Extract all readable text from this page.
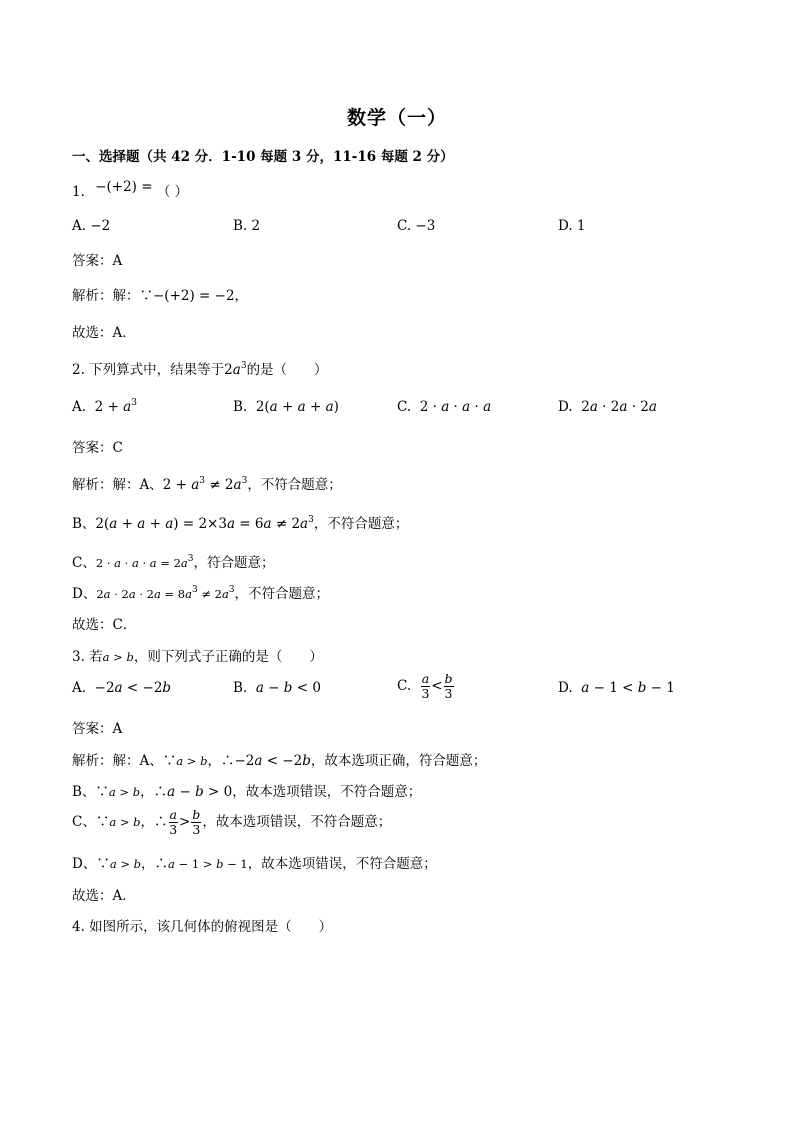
数学（一）
一、选择题（共 42 分．1-10 每题 3 分，11-16 每题 2 分）
1. −(+2) = （ ）
A. −2	B. 2	C. −3	D. 1
答案：A
解析：解：∵−(+2) = −2，
故选：A．
2. 下列算式中，结果等于$2a^3$的是（　　）
A. $2 + a^3$	B. 2(a + a + a)	C. 2 · a · a · a	D. 2a · 2a · 2a
答案：C
解析：解：A、$2 + a^3 \ne 2a^3$，不符合题意；
B、$2(a + a + a) = 2\times 3a = 6a \ne 2a^3$，不符合题意；
C、$2 \cdot a \cdot a \cdot a = 2a^3$，符合题意；
D、$2a \cdot 2a \cdot 2a = 8a^3 \ne 2a^3$，不符合题意；
故选：C．
3. 若a > b，则下列式子正确的是（　　）
A. −2a < −2b	B. a − b < 0	C. $\frac{a}{3} < \frac{b}{3}$	D. a − 1 < b − 1
答案：A
解析：解：A、∵a > b，∴−2a < −2b，故本选项正确，符合题意；
B、∵a > b，∴a − b > 0，故本选项错误，不符合题意；
C、∵a > b，∴ $\frac{a}{3} > \frac{b}{3}$ ，故本选项错误，不符合题意；
D、∵a > b，∴a − 1 > b − 1，故本选项错误，不符合题意；
故选：A．
4. 如图所示，该几何体的俯视图是（　　）
